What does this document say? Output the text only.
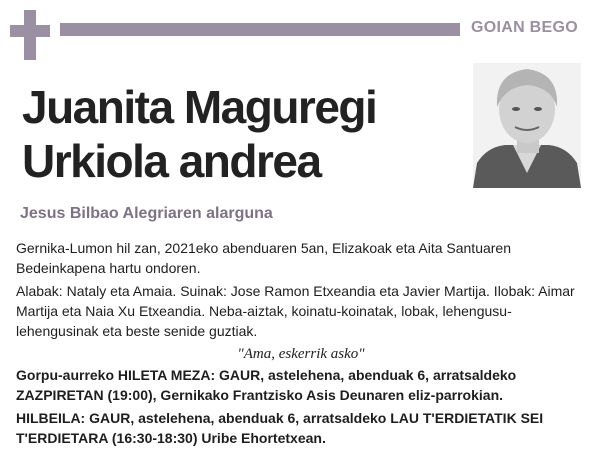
GOIAN BEGO
Juanita Maguregi
Urkiola andrea
Jesus Bilbao Alegriaren alarguna

Gernika-Lumon hil zan, 2021eko abenduaren 5an, Elizakoak eta Aita Santuaren Bedeinkapena hartu ondoren.

Alabak: Nataly eta Amaia. Suinak: Jose Ramon Etxeandia eta Javier Martija. Ilobak: Aimar Martija eta Naia Xu Etxeandia. Neba-aiztak, koinatu-koinatak, lobak, lehengusu-lehengusinak eta beste senide guztiak.

"Ama, eskerrik asko"

Gorpu-aurreko HILETA MEZA: GAUR, astelehena, abenduak 6, arratsaldeko ZAZPIRETAN (19:00), Gernikako Frantzisko Asis Deunaren eliz-parrokian.

HILBEILA: GAUR, astelehena, abenduak 6, arratsaldeko LAU T'ERDIETATIK SEI T'ERDIETARA (16:30-18:30) Uribe Ehortetxean.
